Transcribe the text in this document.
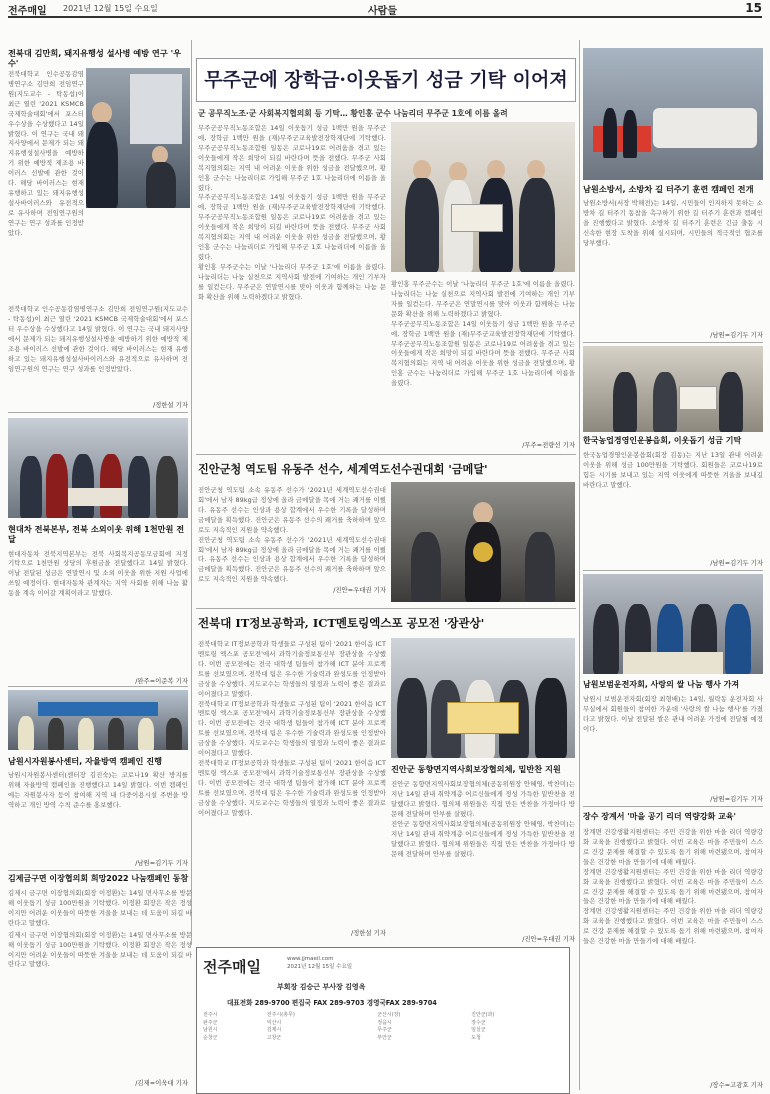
전주매일 2021년 12월 15일 수요일	사람들	15

전북대 김만희, 돼지유행성 설사병 예방 연구 '우수'

전북대학교 인수공동감염병연구소 김만희 전임연구원(지도교수 - 탁동섭)이 최근 열린 '2021 KSMCB 국제학술대회'에서 포스터 우수상을 수상했다고 14일 밝혔다. 이 연구는 국내 돼지사양에서 문제가 되는 돼지유행성설사병을 예방하기 위한 예방적 제조용 바이러스 선발에 관한 것이다. 해당 바이러스는 현재 유행하고 있는 돼지유행성설사바이러스와 유전적으로 유사하며 전임연구원의 연구는 연구 성과를 인정받았다.

전북대학교 인수공동감염병연구소 김만희 전임연구원(지도교수 - 탁동섭)이 최근 열린 '2021 KSMCB 국제학술대회'에서 포스터 우수상을 수상했다고 14일 밝혔다. 이 연구는 국내 돼지사양에서 문제가 되는 돼지유행성설사병을 예방하기 위한 예방적 제조용 바이러스 선발에 관한 것이다. 해당 바이러스는 현재 유행하고 있는 돼지유행성설사바이러스와 유전적으로 유사하며 전임연구원의 연구는 연구 성과를 인정받았다.

/정한설 기자

현대차 전북본부, 전북 소외이웃 위해 1천만원 전달

현대자동차 전북지역본부는 전북 사회복지공동모금회에 지정 기탁으로 1천만원 상당의 후원금을 전달했다고 14일 밝혔다. 이날 전달된 성금은 연말연시 및 소외 이웃을 위한 지원 사업에 쓰일 예정이다. 현대자동차 관계자는 지역 사회를 위해 나눔 활동을 계속 이어갈 계획이라고 말했다.

/완주=이준복 기자

남원시자원봉사센터, 자율방역 캠페인 진행

남원시자원봉사센터(센터장 김진숙)는 코로나19 확산 방지를 위해 자율방역 캠페인을 진행했다고 14일 밝혔다. 이번 캠페인에는 자원봉사자 등이 참여해 지역 내 다중이용시설 주변을 방역하고 개인 방역 수칙 준수를 홍보했다.

/남원=김기두 기자

김제금구면 이장협의회 희망2022 나눔캠페인 동참

김제시 금구면 이장협의회(회장 이정환)는 14일 면사무소를 방문해 이웃돕기 성금 100만원을 기탁했다. 이정환 회장은 작은 정성이지만 어려운 이웃들이 따뜻한 겨울을 보내는 데 도움이 되길 바란다고 말했다.

김제시 금구면 이장협의회(회장 이정환)는 14일 면사무소를 방문해 이웃돕기 성금 100만원을 기탁했다. 이정환 회장은 작은 정성이지만 어려운 이웃들이 따뜻한 겨울을 보내는 데 도움이 되길 바란다고 말했다.

/김제=이욱대 기자

무주군에 장학금·이웃돕기 성금 기탁 이어져

군 공무직노조·군 사회복지협의회 등 기탁… 황인홍 군수 나눔리더 무주군 1호에 이름 올려

무주군공무직노동조합은 14일 이웃돕기 성금 1백만 원을 무주군에, 장학금 1백만 원을 (재)무주군교육발전장학재단에 기탁했다. 무주군공무직노동조합원 일동은 코로나19로 어려움을 겪고 있는 이웃들에게 작은 희망이 되길 바란다며 뜻을 전했다. 무주군 사회복지협의회는 지역 내 어려운 이웃을 위한 성금을 전달했으며, 황인홍 군수는 나눔리더로 가입해 무주군 1호 나눔리더에 이름을 올렸다.

무주군공무직노동조합은 14일 이웃돕기 성금 1백만 원을 무주군에, 장학금 1백만 원을 (재)무주군교육발전장학재단에 기탁했다. 무주군공무직노동조합원 일동은 코로나19로 어려움을 겪고 있는 이웃들에게 작은 희망이 되길 바란다며 뜻을 전했다. 무주군 사회복지협의회는 지역 내 어려운 이웃을 위한 성금을 전달했으며, 황인홍 군수는 나눔리더로 가입해 무주군 1호 나눔리더에 이름을 올렸다.

황인홍 무주군수는 이날 '나눔리더 무주군 1호'에 이름을 올렸다. 나눔리더는 나눔 실천으로 지역사회 발전에 기여하는 개인 기부자를 일컫는다. 무주군은 연말연시를 맞아 이웃과 함께하는 나눔 문화 확산을 위해 노력하겠다고 밝혔다.

황인홍 무주군수는 이날 '나눔리더 무주군 1호'에 이름을 올렸다. 나눔리더는 나눔 실천으로 지역사회 발전에 기여하는 개인 기부자를 일컫는다. 무주군은 연말연시를 맞아 이웃과 함께하는 나눔 문화 확산을 위해 노력하겠다고 밝혔다.

무주군공무직노동조합은 14일 이웃돕기 성금 1백만 원을 무주군에, 장학금 1백만 원을 (재)무주군교육발전장학재단에 기탁했다. 무주군공무직노동조합원 일동은 코로나19로 어려움을 겪고 있는 이웃들에게 작은 희망이 되길 바란다며 뜻을 전했다. 무주군 사회복지협의회는 지역 내 어려운 이웃을 위한 성금을 전달했으며, 황인홍 군수는 나눔리더로 가입해 무주군 1호 나눔리더에 이름을 올렸다.

/무주=전량선 기자

진안군청 역도팀 유동주 선수, 세계역도선수권대회 '금메달'

진안군청 역도팀 소속 유동주 선수가 '2021년 세계역도선수권대회'에서 남자 89kg급 정상에 올라 금메달을 목에 거는 쾌거를 이뤘다. 유동주 선수는 인상과 용상 합계에서 우수한 기록을 달성하며 금메달을 획득했다. 진안군은 유동주 선수의 쾌거를 축하하며 앞으로도 지속적인 지원을 약속했다.

진안군청 역도팀 소속 유동주 선수가 '2021년 세계역도선수권대회'에서 남자 89kg급 정상에 올라 금메달을 목에 거는 쾌거를 이뤘다. 유동주 선수는 인상과 용상 합계에서 우수한 기록을 달성하며 금메달을 획득했다. 진안군은 유동주 선수의 쾌거를 축하하며 앞으로도 지속적인 지원을 약속했다.

/진안=우대권 기자

전북대 IT정보공학과, ICT멘토링엑스포 공모전 '장관상'

전북대학교 IT정보공학과 학생들로 구성된 팀이 '2021 한이음 ICT멘토링 엑스포 공모전'에서 과학기술정보통신부 장관상을 수상했다. 이번 공모전에는 전국 대학생 팀들이 참가해 ICT 분야 프로젝트를 선보였으며, 전북대 팀은 우수한 기술력과 완성도를 인정받아 금상을 수상했다. 지도교수는 학생들의 열정과 노력이 좋은 결과로 이어졌다고 말했다.

전북대학교 IT정보공학과 학생들로 구성된 팀이 '2021 한이음 ICT멘토링 엑스포 공모전'에서 과학기술정보통신부 장관상을 수상했다. 이번 공모전에는 전국 대학생 팀들이 참가해 ICT 분야 프로젝트를 선보였으며, 전북대 팀은 우수한 기술력과 완성도를 인정받아 금상을 수상했다. 지도교수는 학생들의 열정과 노력이 좋은 결과로 이어졌다고 말했다.

전북대학교 IT정보공학과 학생들로 구성된 팀이 '2021 한이음 ICT멘토링 엑스포 공모전'에서 과학기술정보통신부 장관상을 수상했다. 이번 공모전에는 전국 대학생 팀들이 참가해 ICT 분야 프로젝트를 선보였으며, 전북대 팀은 우수한 기술력과 완성도를 인정받아 금상을 수상했다. 지도교수는 학생들의 열정과 노력이 좋은 결과로 이어졌다고 말했다.

/정한설 기자

진안군 동향면지역사회보장협의체, 밑반찬 지원

진안군 동향면지역사회보장협의체(공동위원장 안혜영, 박찬미)는 지난 14일 관내 취약계층 어르신들에게 정성 가득한 밑반찬을 전달했다고 밝혔다. 협의체 위원들은 직접 만든 반찬을 가정마다 방문해 전달하며 안부를 살폈다.

진안군 동향면지역사회보장협의체(공동위원장 안혜영, 박찬미)는 지난 14일 관내 취약계층 어르신들에게 정성 가득한 밑반찬을 전달했다고 밝혔다. 협의체 위원들은 직접 만든 반찬을 가정마다 방문해 전달하며 안부를 살폈다.

/진안=우대권 기자

남원소방서, 소방차 길 터주기 훈련 캠페인 전개

남원소방서(서장 박해전)는 14일, 시민들이 인지하지 못하는 소방차 길 터주기 동참을 촉구하기 위한 길 터주기 훈련과 캠페인을 진행했다고 밝혔다. 소방차 길 터주기 훈련은 긴급 출동 시 신속한 현장 도착을 위해 실시되며, 시민들의 적극적인 협조를 당부했다.

/남원=김기두 기자

한국농업경영인운봉읍회, 이웃돕기 성금 기탁

한국농업경영인운봉읍회(회장 김동)는 지난 13일 관내 어려운 이웃을 위해 성금 100만원을 기탁했다. 회원들은 코로나19로 힘든 시기를 보내고 있는 지역 이웃에게 따뜻한 겨울을 보내길 바란다고 말했다.

/남원=김기두 기자

남원보범운전자회, 사랑의 쌀 나눔 행사 가져

남원시 보범운전자회(회장 최형배)는 14일, 월락동 운전자회 사무실에서 회원들이 참여한 가운데 '사랑의 쌀 나눔 행사'를 가졌다고 밝혔다. 이날 전달된 쌀은 관내 어려운 가정에 전달될 예정이다.

/남원=김기두 기자

장수 장계서 '마을 공기 리더 역량강화 교육'

장계면 건강생활지원센터는 주민 건강을 위한 마을 리더 역량강화 교육을 진행했다고 밝혔다. 이번 교육은 마을 주민들이 스스로 건강 문제를 해결할 수 있도록 돕기 위해 마련됐으며, 참여자들은 건강한 마을 만들기에 대해 배웠다.

장계면 건강생활지원센터는 주민 건강을 위한 마을 리더 역량강화 교육을 진행했다고 밝혔다. 이번 교육은 마을 주민들이 스스로 건강 문제를 해결할 수 있도록 돕기 위해 마련됐으며, 참여자들은 건강한 마을 만들기에 대해 배웠다.

장계면 건강생활지원센터는 주민 건강을 위한 마을 리더 역량강화 교육을 진행했다고 밝혔다. 이번 교육은 마을 주민들이 스스로 건강 문제를 해결할 수 있도록 돕기 위해 마련됐으며, 참여자들은 건강한 마을 만들기에 대해 배웠다.

/장수=고광호 기자

전주매일	www.jjmaeil.com
2021년 12월 15일 수요일
부회장 김승근 부사장 김영옥
대표전화 289-9700 편집국 FAX 289-9703 경영국FAX 289-9704
전주시	전주시(총무)	군산시(장)	진안군(과)
완주군	익산시	정읍시	장수군
남원시	김제시	무주군	임실군
순창군	고창군	부안군	도청
